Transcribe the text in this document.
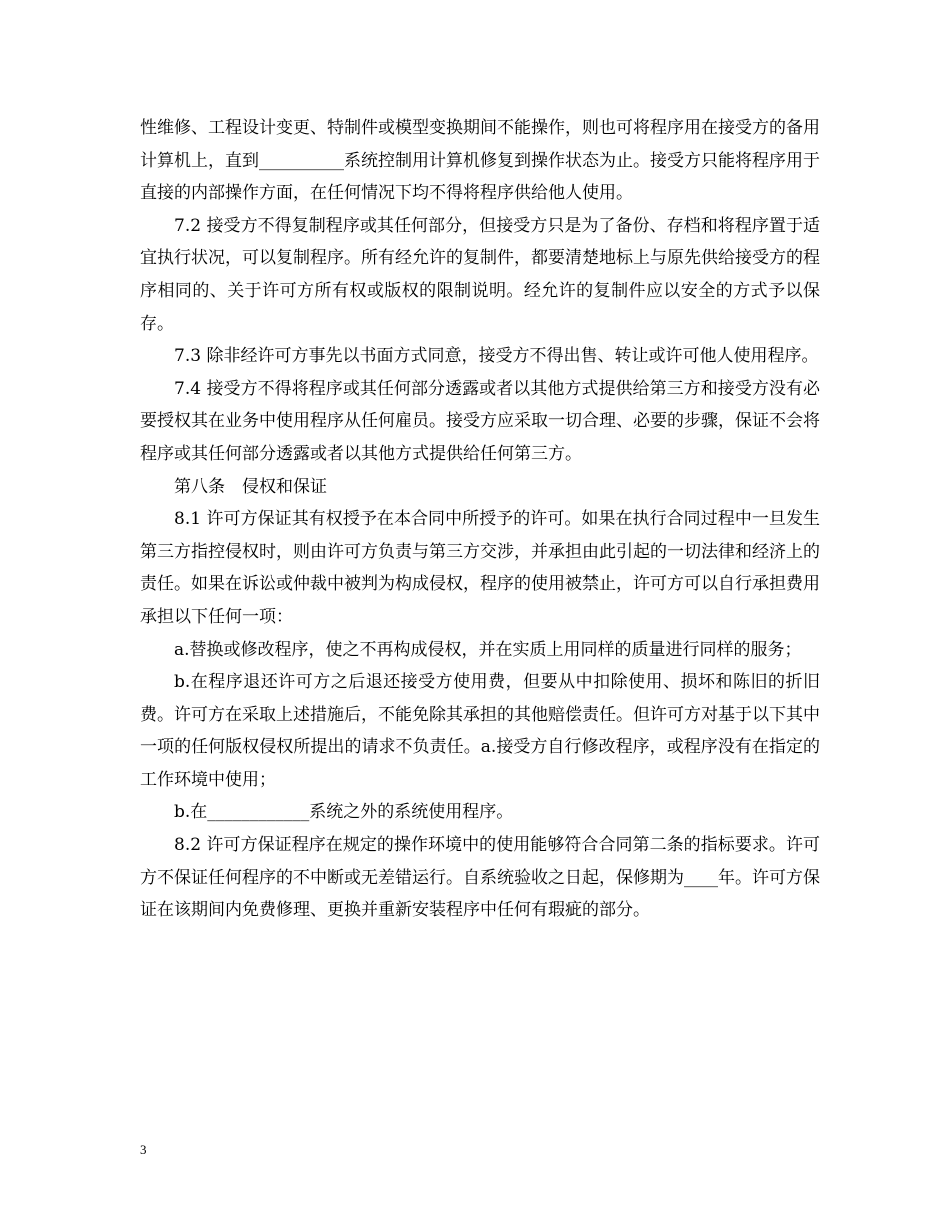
性维修、工程设计变更、特制件或模型变换期间不能操作，则也可将程序用在接受方的备用计算机上，直到__________系统控制用计算机修复到操作状态为止。接受方只能将程序用于直接的内部操作方面，在任何情况下均不得将程序供给他人使用。

7.2 接受方不得复制程序或其任何部分，但接受方只是为了备份、存档和将程序置于适宜执行状况，可以复制程序。所有经允许的复制件，都要清楚地标上与原先供给接受方的程序相同的、关于许可方所有权或版权的限制说明。经允许的复制件应以安全的方式予以保存。

7.3 除非经许可方事先以书面方式同意，接受方不得出售、转让或许可他人使用程序。

7.4 接受方不得将程序或其任何部分透露或者以其他方式提供给第三方和接受方没有必要授权其在业务中使用程序从任何雇员。接受方应采取一切合理、必要的步骤，保证不会将程序或其任何部分透露或者以其他方式提供给任何第三方。

第八条　侵权和保证

8.1 许可方保证其有权授予在本合同中所授予的许可。如果在执行合同过程中一旦发生第三方指控侵权时，则由许可方负责与第三方交涉，并承担由此引起的一切法律和经济上的责任。如果在诉讼或仲裁中被判为构成侵权，程序的使用被禁止，许可方可以自行承担费用承担以下任何一项：

a.替换或修改程序，使之不再构成侵权，并在实质上用同样的质量进行同样的服务；

b.在程序退还许可方之后退还接受方使用费，但要从中扣除使用、损坏和陈旧的折旧费。许可方在采取上述措施后，不能免除其承担的其他赔偿责任。但许可方对基于以下其中一项的任何版权侵权所提出的请求不负责任。a.接受方自行修改程序，或程序没有在指定的工作环境中使用；

b.在____________系统之外的系统使用程序。

8.2 许可方保证程序在规定的操作环境中的使用能够符合合同第二条的指标要求。许可方不保证任何程序的不中断或无差错运行。自系统验收之日起，保修期为____年。许可方保证在该期间内免费修理、更换并重新安装程序中任何有瑕疵的部分。

3
